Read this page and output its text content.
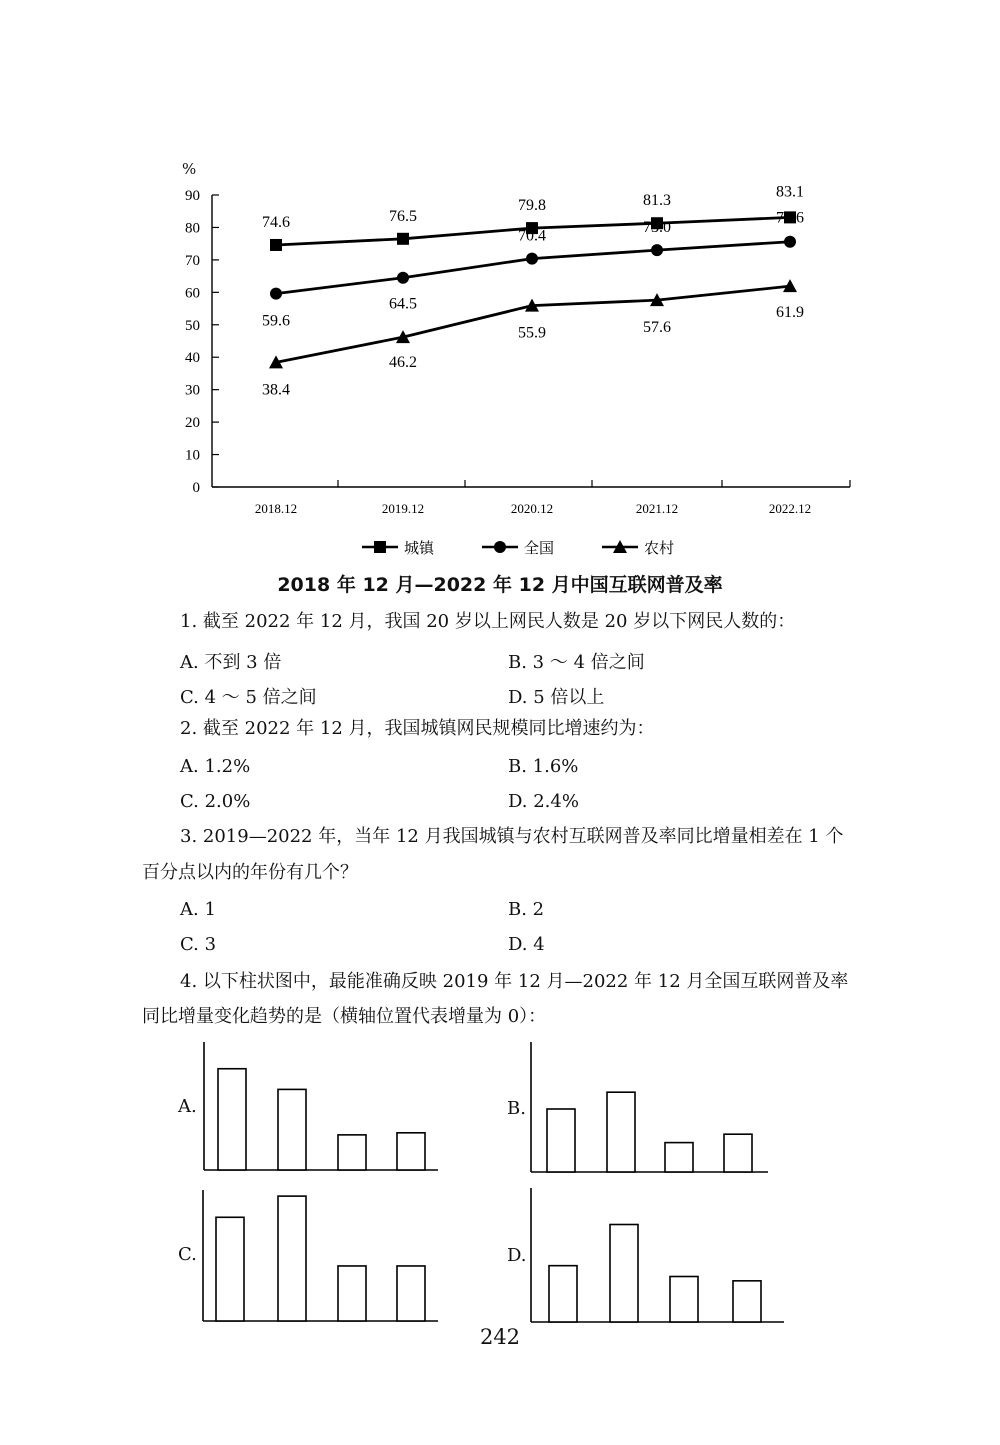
0
10
20
30
40
50
60
70
80
90
2018.12	2019.12	2020.12	2021.12	2022.12
74.6	76.5
79.8	81.3
83.1
59.6
64.5
70.4	73.0
75.6
38.4
46.2
55.9	57.6
61.9
城镇	全国	农村
%
2018 年 12 月—2022 年 12 月中国互联网普及率
1. 截至 2022 年 12 月，我国 20 岁以上网民人数是 20 岁以下网民人数的：
A. 不到 3 倍	B. 3 ～ 4 倍之间
C. 4 ～ 5 倍之间	D. 5 倍以上
2. 截至 2022 年 12 月，我国城镇网民规模同比增速约为：
A. 1.2%	B. 1.6%
C. 2.0%	D. 2.4%
3. 2019—2022 年，当年 12 月我国城镇与农村互联网普及率同比增量相差在 1 个
百分点以内的年份有几个？
A. 1	B. 2
C. 3	D. 4
4. 以下柱状图中，最能准确反映 2019 年 12 月—2022 年 12 月全国互联网普及率
同比增量变化趋势的是（横轴位置代表增量为 0）：
A.	B.
C.	D.
242
